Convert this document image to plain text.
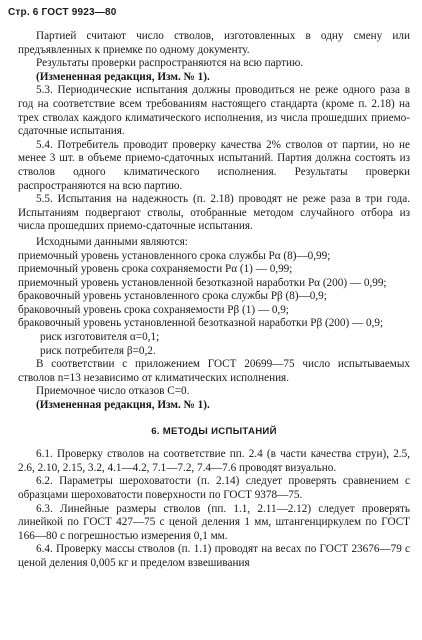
Стр. 6 ГОСТ 9923—80

Партией считают число стволов, изготовленных в одну смену или предъявленных к приемке по одному документу.

Результаты проверки распространяются на всю партию.

(Измененная редакция, Изм. № 1).

5.3. Периодические испытания должны проводиться не реже одного раза в год на соответствие всем требованиям настоящего стандарта (кроме п. 2.18) на трех стволах каждого климатического исполнения, из числа прошедших приемо-сдаточные испытания.

5.4. Потребитель проводит проверку качества 2% стволов от партии, но не менее 3 шт. в объеме приемо-сдаточных испытаний. Партия должна состоять из стволов одного климатического исполнения. Результаты проверки распространяются на всю партию.

5.5. Испытания на надежность (п. 2.18) проводят не реже раза в три года. Испытаниям подвергают стволы, отобранные методом случайного отбора из числа прошедших приемо-сдаточные испытания.

Исходными данными являются:

приемочный уровень установленного срока службы Pα (8)—0,99;

приемочный уровень срока сохраняемости Pα (1) — 0,99;

приемочный уровень установленной безотказной наработки Pα (200) — 0,99;

браковочный уровень установленного срока службы Pβ (8)—0,9;

браковочный уровень срока сохраняемости Pβ (1) — 0,9;

браковочный уровень установленной безотказной наработки Pβ (200) — 0,9;

риск изготовителя α=0,1;

риск потребителя β=0,2.

В соответствии с приложением ГОСТ 20699—75 число испытываемых стволов n=13 независимо от климатических исполнения.

Приемочное число отказов C=0.

(Измененная редакция, Изм. № 1).

6. МЕТОДЫ ИСПЫТАНИЙ

6.1. Проверку стволов на соответствие пп. 2.4 (в части качества струи), 2.5, 2.6, 2.10, 2.15, 3.2, 4.1—4.2, 7.1—7.2, 7.4—7.6 проводят визуально.

6.2. Параметры шероховатости (п. 2.14) следует проверять сравнением с образцами шероховатости поверхности по ГОСТ 9378—75.

6.3. Линейные размеры стволов (пп. 1.1, 2.11—2.12) следует проверять линейкой по ГОСТ 427—75 с ценой деления 1 мм, штангенциркулем по ГОСТ 166—80 с погрешностью измерения 0,1 мм.

6.4. Проверку массы стволов (п. 1.1) проводят на весах по ГОСТ 23676—79 с ценой деления 0,005 кг и пределом взвешивания
